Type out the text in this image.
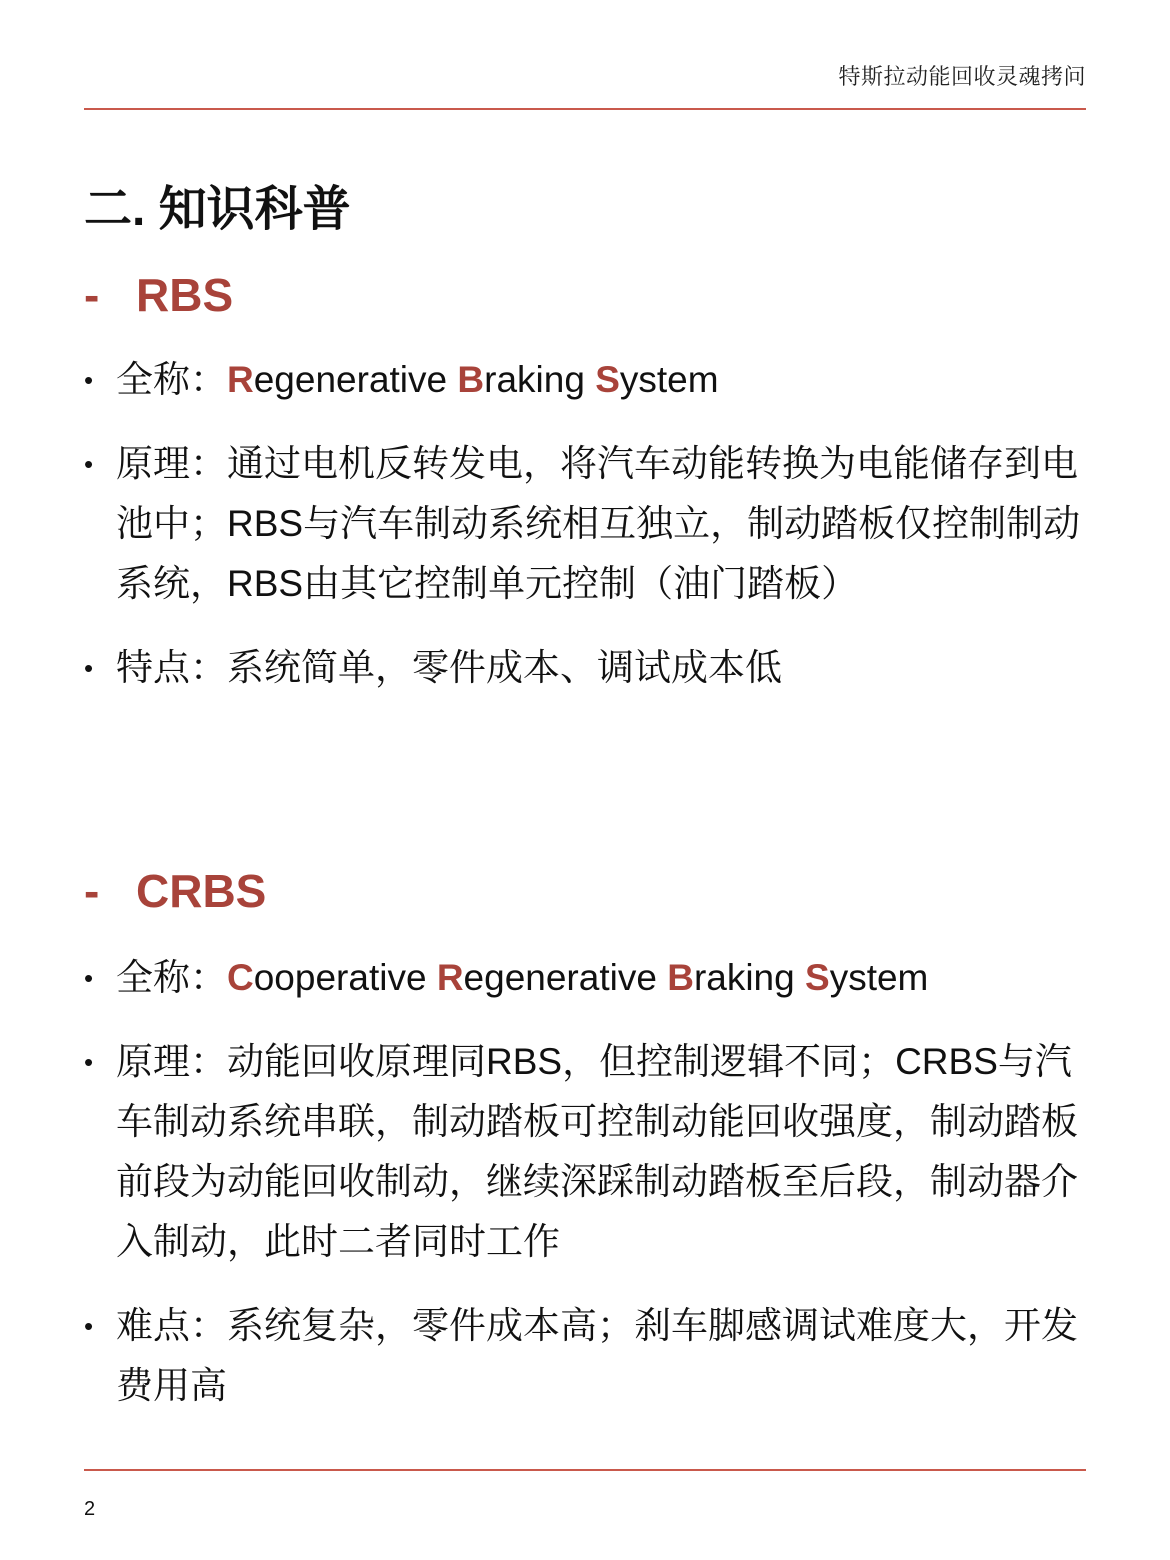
特斯拉动能回收灵魂拷问
二. 知识科普
- RBS
• 全称：Regenerative Braking System
• 原理：通过电机反转发电，将汽车动能转换为电能储存到电池中；RBS与汽车制动系统相互独立，制动踏板仅控制制动系统，RBS由其它控制单元控制（油门踏板）
• 特点：系统简单，零件成本、调试成本低
- CRBS
• 全称：Cooperative Regenerative Braking System
• 原理：动能回收原理同RBS，但控制逻辑不同；CRBS与汽车制动系统串联，制动踏板可控制动能回收强度，制动踏板前段为动能回收制动，继续深踩制动踏板至后段，制动器介入制动，此时二者同时工作
• 难点：系统复杂，零件成本高；刹车脚感调试难度大，开发费用高
2
